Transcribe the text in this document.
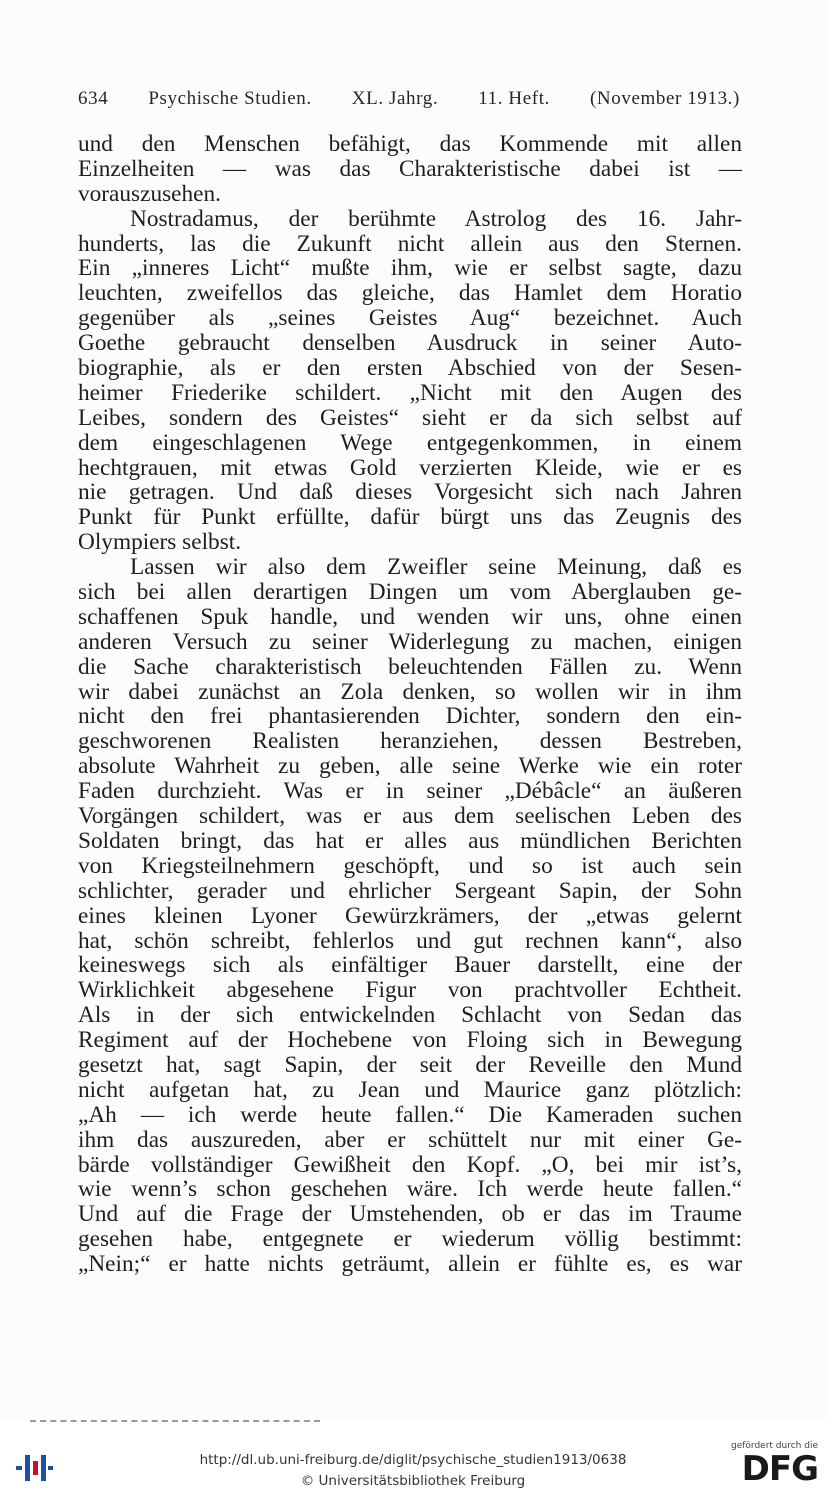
634 Psychische Studien. XL. Jahrg. 11. Heft. (November 1913.)
und den Menschen befähigt, das Kommende mit allen
Einzelheiten — was das Charakteristische dabei ist —
vorauszusehen.
Nostradamus, der berühmte Astrolog des 16. Jahr-
hunderts, las die Zukunft nicht allein aus den Sternen.
Ein „inneres Licht“ mußte ihm, wie er selbst sagte, dazu
leuchten, zweifellos das gleiche, das Hamlet dem Horatio
gegenüber als „seines Geistes Aug“ bezeichnet. Auch
Goethe gebraucht denselben Ausdruck in seiner Auto-
biographie, als er den ersten Abschied von der Sesen-
heimer Friederike schildert. „Nicht mit den Augen des
Leibes, sondern des Geistes“ sieht er da sich selbst auf
dem eingeschlagenen Wege entgegenkommen, in einem
hechtgrauen, mit etwas Gold verzierten Kleide, wie er es
nie getragen. Und daß dieses Vorgesicht sich nach Jahren
Punkt für Punkt erfüllte, dafür bürgt uns das Zeugnis des
Olympiers selbst.
Lassen wir also dem Zweifler seine Meinung, daß es
sich bei allen derartigen Dingen um vom Aberglauben ge-
schaffenen Spuk handle, und wenden wir uns, ohne einen
anderen Versuch zu seiner Widerlegung zu machen, einigen
die Sache charakteristisch beleuchtenden Fällen zu. Wenn
wir dabei zunächst an Zola denken, so wollen wir in ihm
nicht den frei phantasierenden Dichter, sondern den ein-
geschworenen Realisten heranziehen, dessen Bestreben,
absolute Wahrheit zu geben, alle seine Werke wie ein roter
Faden durchzieht. Was er in seiner „Débâcle“ an äußeren
Vorgängen schildert, was er aus dem seelischen Leben des
Soldaten bringt, das hat er alles aus mündlichen Berichten
von Kriegsteilnehmern geschöpft, und so ist auch sein
schlichter, gerader und ehrlicher Sergeant Sapin, der Sohn
eines kleinen Lyoner Gewürzkrämers, der „etwas gelernt
hat, schön schreibt, fehlerlos und gut rechnen kann“, also
keineswegs sich als einfältiger Bauer darstellt, eine der
Wirklichkeit abgesehene Figur von prachtvoller Echtheit.
Als in der sich entwickelnden Schlacht von Sedan das
Regiment auf der Hochebene von Floing sich in Bewegung
gesetzt hat, sagt Sapin, der seit der Reveille den Mund
nicht aufgetan hat, zu Jean und Maurice ganz plötzlich:
„Ah — ich werde heute fallen.“ Die Kameraden suchen
ihm das auszureden, aber er schüttelt nur mit einer Ge-
bärde vollständiger Gewißheit den Kopf. „O, bei mir ist’s,
wie wenn’s schon geschehen wäre. Ich werde heute fallen.“
Und auf die Frage der Umstehenden, ob er das im Traume
gesehen habe, entgegnete er wiederum völlig bestimmt:
„Nein;“ er hatte nichts geträumt, allein er fühlte es, es war
http://dl.ub.uni-freiburg.de/diglit/psychische_studien1913/0638
© Universitätsbibliothek Freiburg
gefördert durch die
DFG
